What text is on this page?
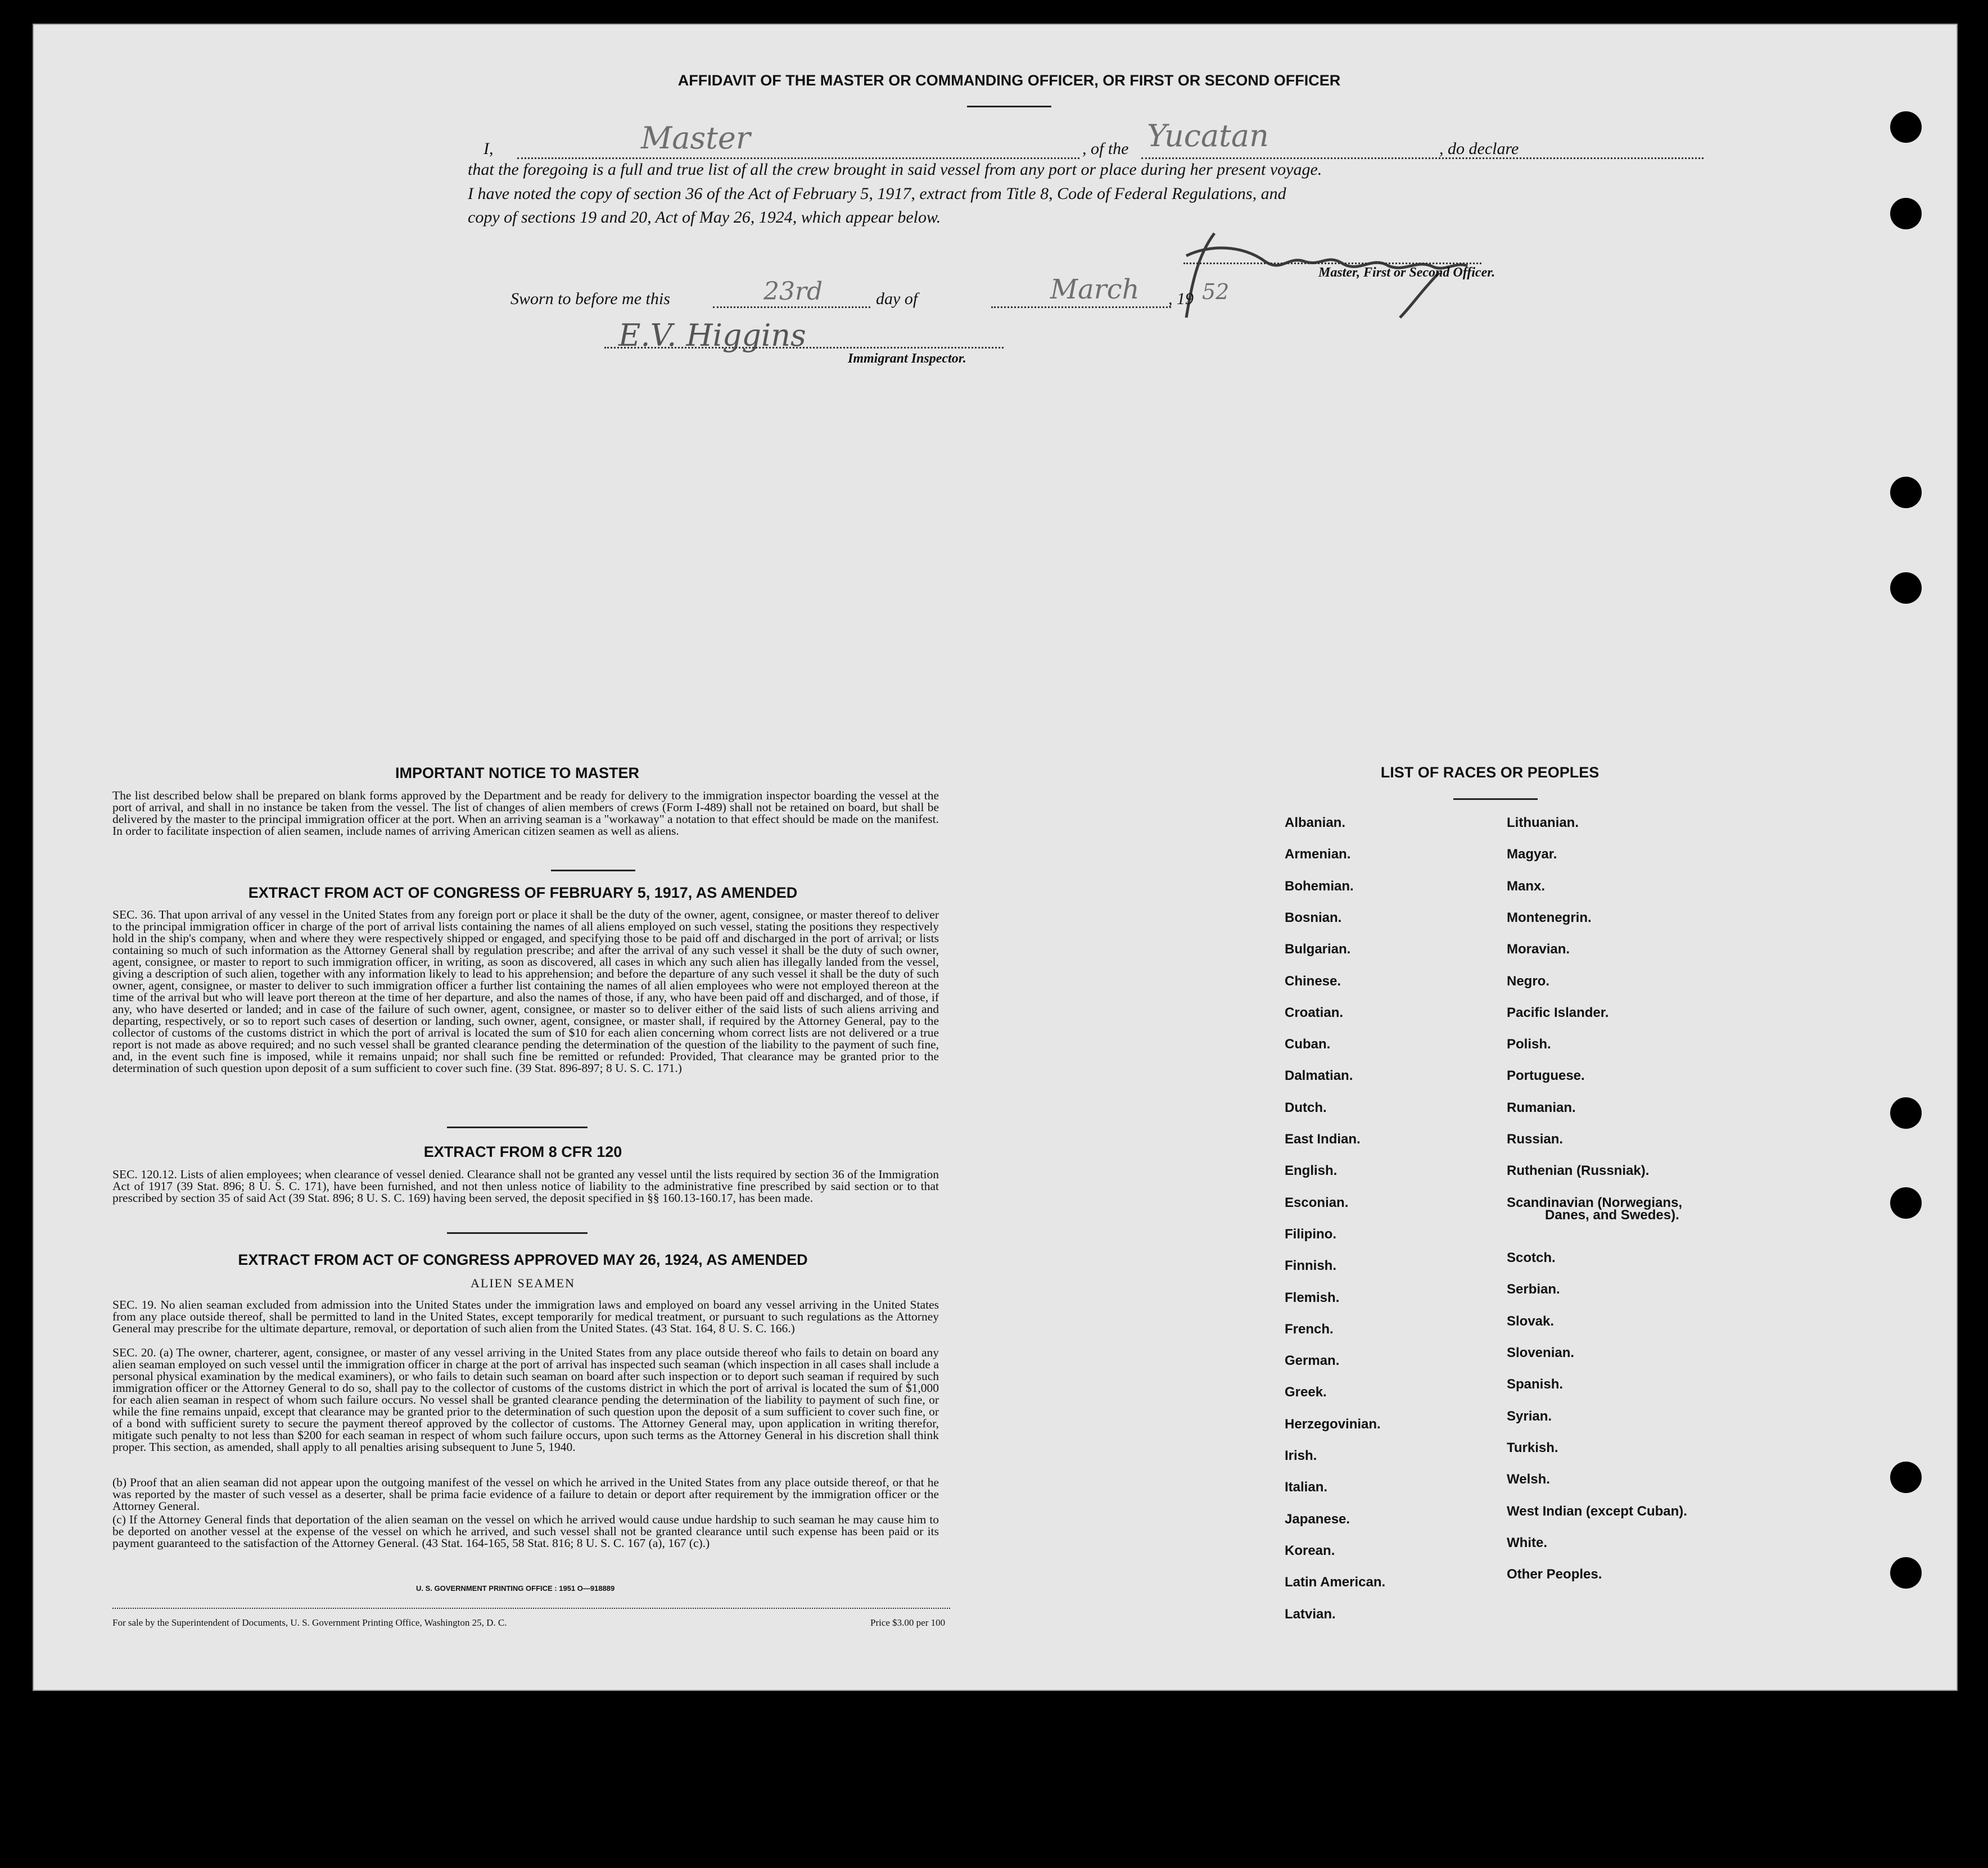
AFFIDAVIT OF THE MASTER OR COMMANDING OFFICER, OR FIRST OR SECOND OFFICER
I,	Master	, of the Yucatan	, do declare
that the foregoing is a full and true list of all the crew brought in said vessel from any port or place during her present voyage.
I have noted the copy of section 36 of the Act of February 5, 1917, extract from Title 8, Code of Federal Regulations, and
copy of sections 19 and 20, Act of May 26, 1924, which appear below.
Master, First or Second Officer.
Sworn to before me this	23rd	day of	March , 19 52
E.V. Higgins
Immigrant Inspector.
IMPORTANT NOTICE TO MASTER
The list described below shall be prepared on blank forms approved by the Department and be ready for delivery to the immigration inspector boarding the vessel at the port of arrival, and shall in no instance be taken from the vessel. The list of changes of alien members of crews (Form I-489) shall not be retained on board, but shall be delivered by the master to the principal immigration officer at the port. When an arriving seaman is a "workaway" a notation to that effect should be made on the manifest. In order to facilitate inspection of alien seamen, include names of arriving American citizen seamen as well as aliens.
EXTRACT FROM ACT OF CONGRESS OF FEBRUARY 5, 1917, AS AMENDED
SEC. 36. That upon arrival of any vessel in the United States from any foreign port or place it shall be the duty of the owner, agent, consignee, or master thereof to deliver to the principal immigration officer in charge of the port of arrival lists containing the names of all aliens employed on such vessel, stating the positions they respectively hold in the ship's company, when and where they were respectively shipped or engaged, and specifying those to be paid off and discharged in the port of arrival; or lists containing so much of such information as the Attorney General shall by regulation prescribe; and after the arrival of any such vessel it shall be the duty of such owner, agent, consignee, or master to report to such immigration officer, in writing, as soon as discovered, all cases in which any such alien has illegally landed from the vessel, giving a description of such alien, together with any information likely to lead to his apprehension; and before the departure of any such vessel it shall be the duty of such owner, agent, consignee, or master to deliver to such immigration officer a further list containing the names of all alien employees who were not employed thereon at the time of the arrival but who will leave port thereon at the time of her departure, and also the names of those, if any, who have been paid off and discharged, and of those, if any, who have deserted or landed; and in case of the failure of such owner, agent, consignee, or master so to deliver either of the said lists of such aliens arriving and departing, respectively, or so to report such cases of desertion or landing, such owner, agent, consignee, or master shall, if required by the Attorney General, pay to the collector of customs of the customs district in which the port of arrival is located the sum of $10 for each alien concerning whom correct lists are not delivered or a true report is not made as above required; and no such vessel shall be granted clearance pending the determination of the question of the liability to the payment of such fine, and, in the event such fine is imposed, while it remains unpaid; nor shall such fine be remitted or refunded: Provided, That clearance may be granted prior to the determination of such question upon deposit of a sum sufficient to cover such fine. (39 Stat. 896-897; 8 U. S. C. 171.)
EXTRACT FROM 8 CFR 120
SEC. 120.12. Lists of alien employees; when clearance of vessel denied. Clearance shall not be granted any vessel until the lists required by section 36 of the Immigration Act of 1917 (39 Stat. 896; 8 U. S. C. 171), have been furnished, and not then unless notice of liability to the administrative fine prescribed by said section or to that prescribed by section 35 of said Act (39 Stat. 896; 8 U. S. C. 169) having been served, the deposit specified in §§ 160.13-160.17, has been made.
EXTRACT FROM ACT OF CONGRESS APPROVED MAY 26, 1924, AS AMENDED
ALIEN SEAMEN
SEC. 19. No alien seaman excluded from admission into the United States under the immigration laws and employed on board any vessel arriving in the United States from any place outside thereof, shall be permitted to land in the United States, except temporarily for medical treatment, or pursuant to such regulations as the Attorney General may prescribe for the ultimate departure, removal, or deportation of such alien from the United States. (43 Stat. 164, 8 U. S. C. 166.)
SEC. 20. (a) The owner, charterer, agent, consignee, or master of any vessel arriving in the United States from any place outside thereof who fails to detain on board any alien seaman employed on such vessel until the immigration officer in charge at the port of arrival has inspected such seaman (which inspection in all cases shall include a personal physical examination by the medical examiners), or who fails to detain such seaman on board after such inspection or to deport such seaman if required by such immigration officer or the Attorney General to do so, shall pay to the collector of customs of the customs district in which the port of arrival is located the sum of $1,000 for each alien seaman in respect of whom such failure occurs. No vessel shall be granted clearance pending the determination of the liability to payment of such fine, or while the fine remains unpaid, except that clearance may be granted prior to the determination of such question upon the deposit of a sum sufficient to cover such fine, or of a bond with sufficient surety to secure the payment thereof approved by the collector of customs. The Attorney General may, upon application in writing therefor, mitigate such penalty to not less than $200 for each seaman in respect of whom such failure occurs, upon such terms as the Attorney General in his discretion shall think proper. This section, as amended, shall apply to all penalties arising subsequent to June 5, 1940.
(b) Proof that an alien seaman did not appear upon the outgoing manifest of the vessel on which he arrived in the United States from any place outside thereof, or that he was reported by the master of such vessel as a deserter, shall be prima facie evidence of a failure to detain or deport after requirement by the immigration officer or the Attorney General.
(c) If the Attorney General finds that deportation of the alien seaman on the vessel on which he arrived would cause undue hardship to such seaman he may cause him to be deported on another vessel at the expense of the vessel on which he arrived, and such vessel shall not be granted clearance until such expense has been paid or its payment guaranteed to the satisfaction of the Attorney General. (43 Stat. 164-165, 58 Stat. 816; 8 U. S. C. 167 (a), 167 (c).)
U. S. GOVERNMENT PRINTING OFFICE : 1951 O—918889
For sale by the Superintendent of Documents, U. S. Government Printing Office, Washington 25, D. C.	Price $3.00 per 100
LIST OF RACES OR PEOPLES
Albanian.
Armenian.
Bohemian.
Bosnian.
Bulgarian.
Chinese.
Croatian.
Cuban.
Dalmatian.
Dutch.
East Indian.
English.
Esconian.
Filipino.
Finnish.
Flemish.
French.
German.
Greek.
Herzegovinian.
Irish.
Italian.
Japanese.
Korean.
Latin American.
Latvian.
Lithuanian.
Magyar.
Manx.
Montenegrin.
Moravian.
Negro.
Pacific Islander.
Polish.
Portuguese.
Rumanian.
Russian.
Ruthenian (Russniak).
Scandinavian (Norwegians,
Danes, and Swedes).
Scotch.
Serbian.
Slovak.
Slovenian.
Spanish.
Syrian.
Turkish.
Welsh.
West Indian (except Cuban).
White.
Other Peoples.
